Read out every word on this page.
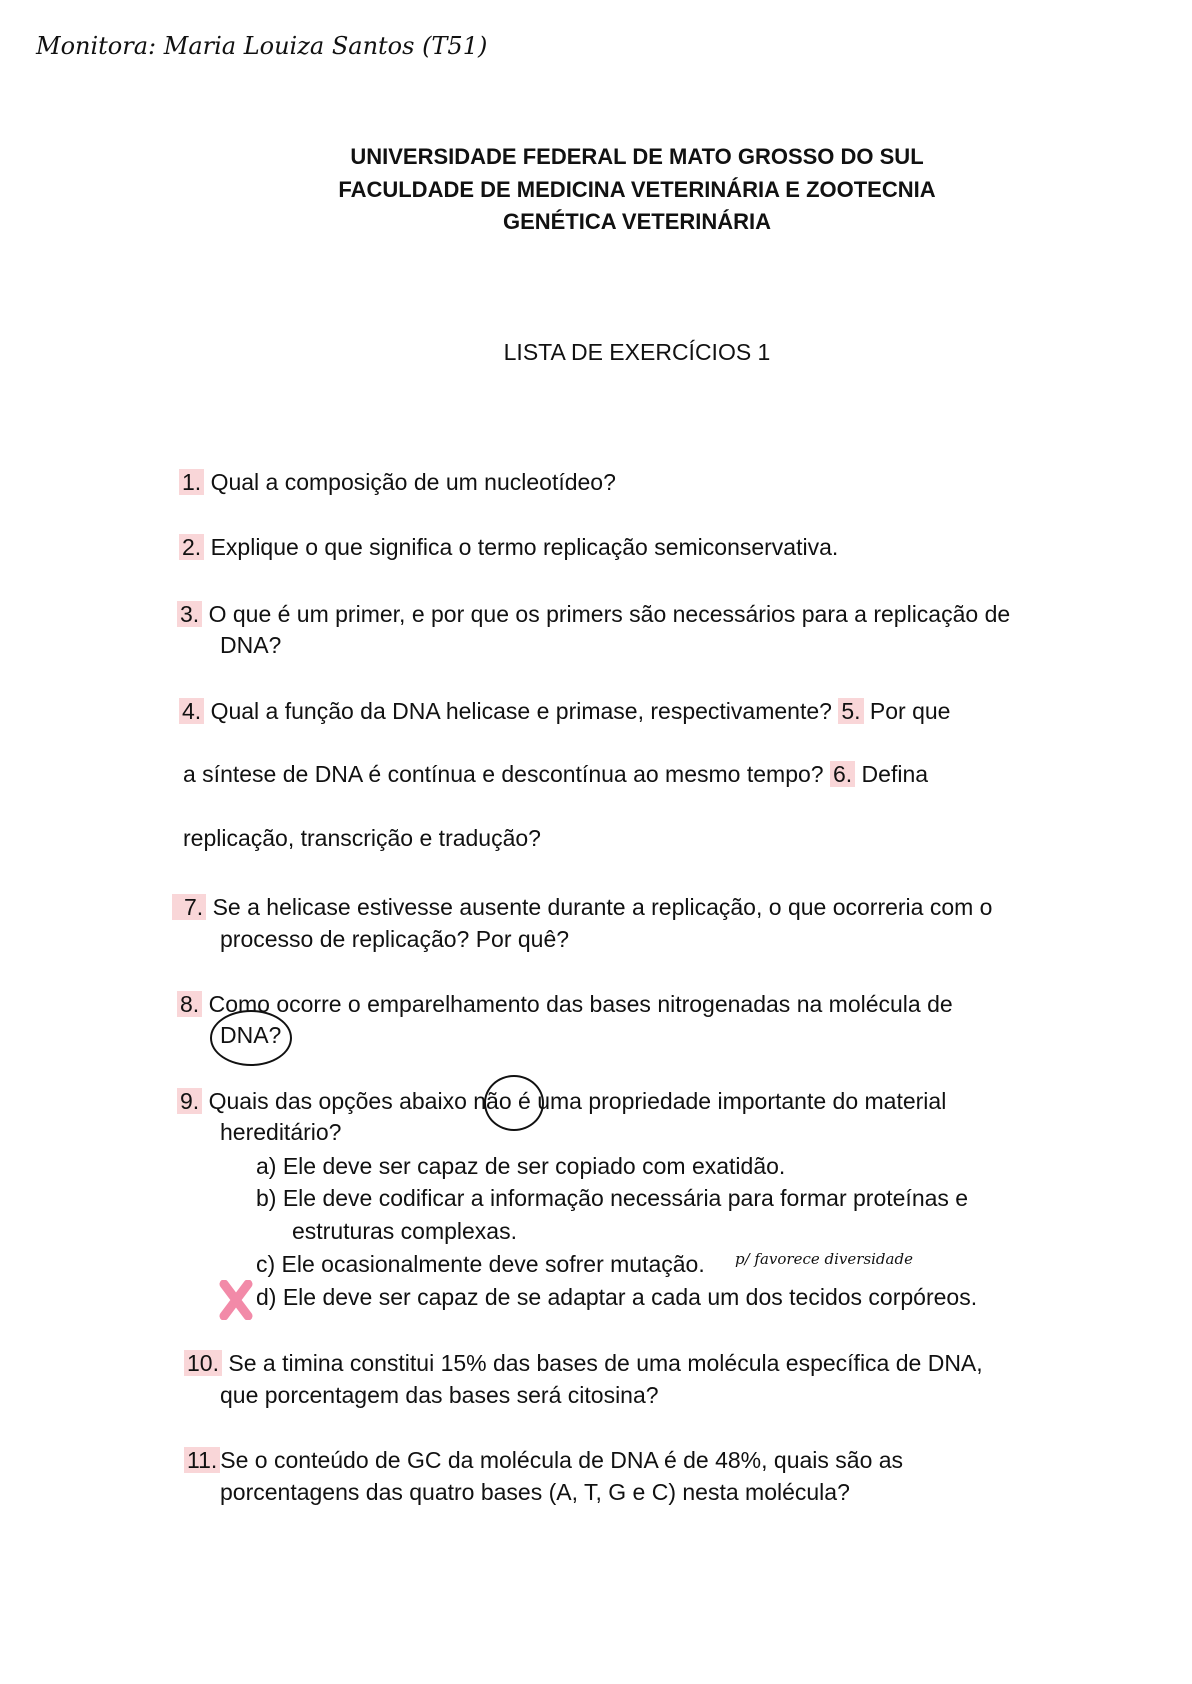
Monitora: Maria Louiza Santos (T51)
UNIVERSIDADE FEDERAL DE MATO GROSSO DO SUL
FACULDADE DE MEDICINA VETERINÁRIA E ZOOTECNIA
GENÉTICA VETERINÁRIA
LISTA DE EXERCÍCIOS 1
1. Qual a composição de um nucleotídeo?
2. Explique o que significa o termo replicação semiconservativa.
3. O que é um primer, e por que os primers são necessários para a replicação de
DNA?
4. Qual a função da DNA helicase e primase, respectivamente? 5. Por que
a síntese de DNA é contínua e descontínua ao mesmo tempo? 6. Defina
replicação, transcrição e tradução?
7. Se a helicase estivesse ausente durante a replicação, o que ocorreria com o
processo de replicação? Por quê?
8. Como ocorre o emparelhamento das bases nitrogenadas na molécula de
DNA?
9. Quais das opções abaixo não é uma propriedade importante do material
hereditário?
a) Ele deve ser capaz de ser copiado com exatidão.
b) Ele deve codificar a informação necessária para formar proteínas e
estruturas complexas.
c) Ele ocasionalmente deve sofrer mutação. p/ favorece diversidade
d) Ele deve ser capaz de se adaptar a cada um dos tecidos corpóreos.
10. Se a timina constitui 15% das bases de uma molécula específica de DNA,
que porcentagem das bases será citosina?
11. Se o conteúdo de GC da molécula de DNA é de 48%, quais são as
porcentagens das quatro bases (A, T, G e C) nesta molécula?
